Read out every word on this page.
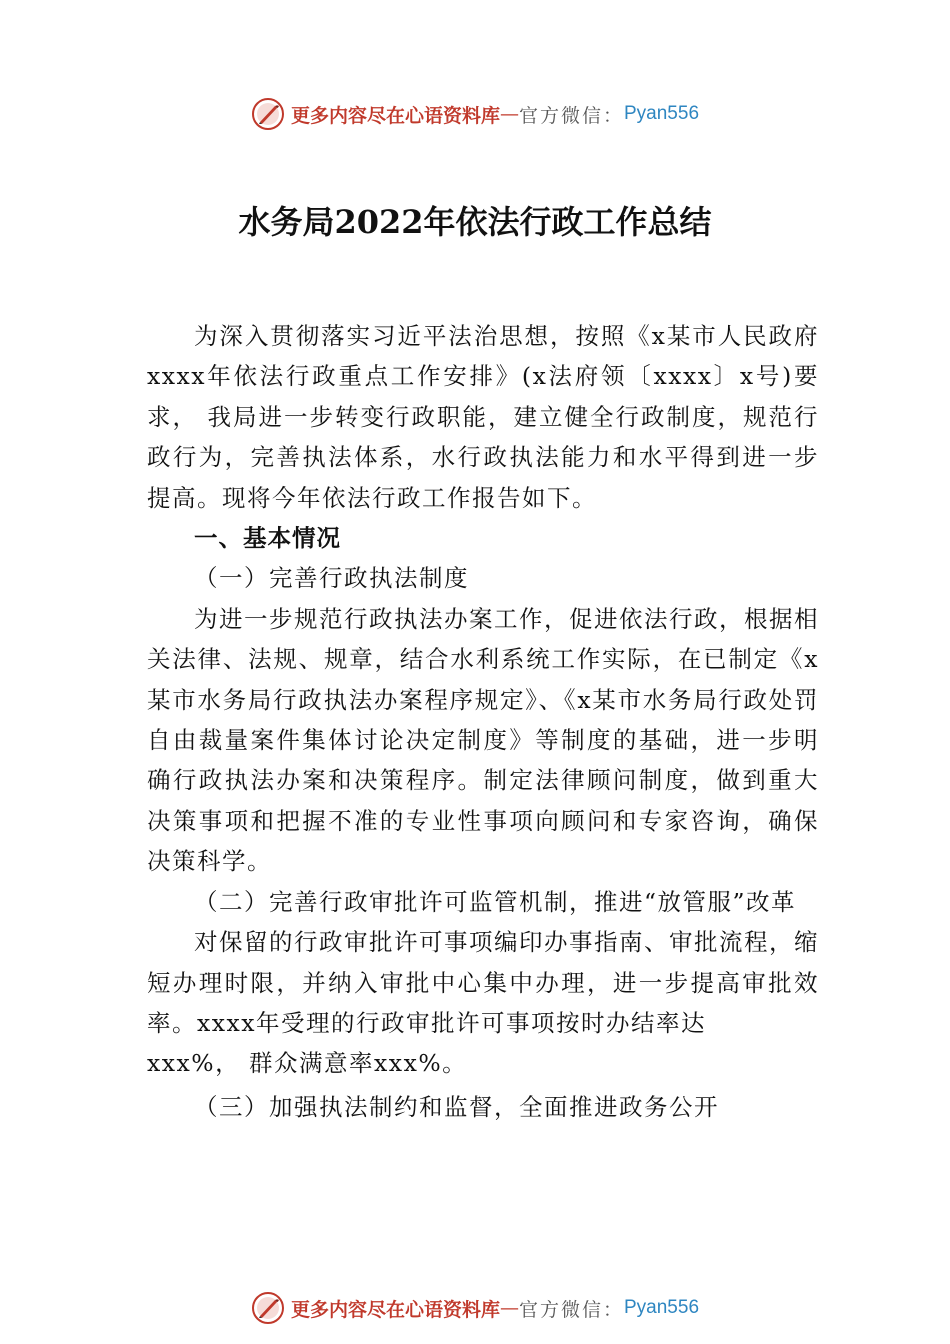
更多内容尽在心语资料库 — 官方微信： Pyan556
水务局2022年依法行政工作总结

为深入贯彻落实习近平法治思想，按照《x某市人民政府xxxx年依法行政重点工作安排》(x法府领〔xxxx〕x号)要求， 我局进一步转变行政职能，建立健全行政制度，规范行政行为，完善执法体系，水行政执法能力和水平得到进一步提高。现将今年依法行政工作报告如下。

一、基本情况

（一）完善行政执法制度

为进一步规范行政执法办案工作，促进依法行政，根据相关法律、法规、规章，结合水利系统工作实际，在已制定《x某市水务局行政执法办案程序规定》、《x某市水务局行政处罚自由裁量案件集体讨论决定制度》等制度的基础，进一步明确行政执法办案和决策程序。制定法律顾问制度，做到重大决策事项和把握不准的专业性事项向顾问和专家咨询，确保决策科学。

（二）完善行政审批许可监管机制，推进“放管服”改革

对保留的行政审批许可事项编印办事指南、审批流程，缩短办理时限，并纳入审批中心集中办理，进一步提高审批效率。xxxx年受理的行政审批许可事项按时办结率达

xxx%， 群众满意率xxx%。

（三）加强执法制约和监督，全面推进政务公开

更多内容尽在心语资料库 — 官方微信： Pyan556
